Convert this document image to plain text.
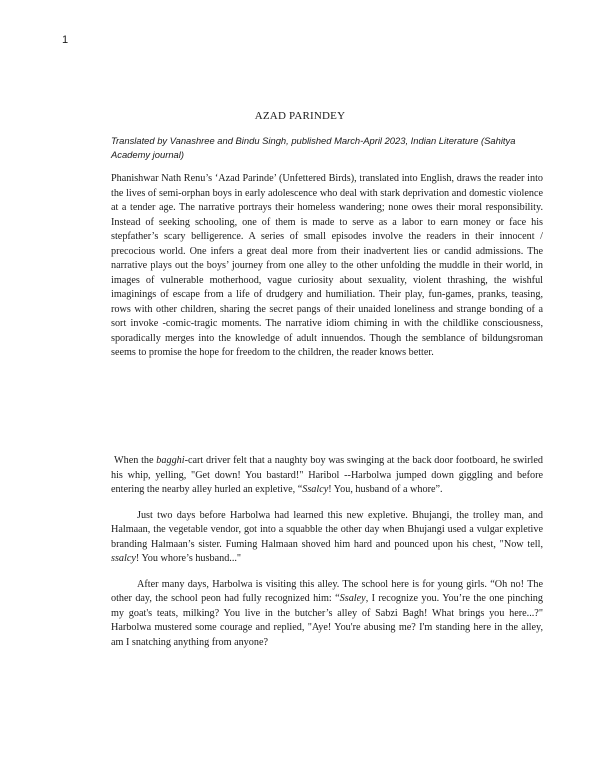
1
AZAD PARINDEY
Translated by Vanashree and Bindu Singh, published March-April 2023, Indian Literature (Sahitya Academy journal)
Phanishwar Nath Renu’s ‘Azad Parinde’ (Unfettered Birds), translated into English, draws the reader into the lives of semi-orphan boys in early adolescence who deal with stark deprivation and domestic violence at a tender age. The narrative portrays their homeless wandering; none owes their moral responsibility. Instead of seeking schooling, one of them is made to serve as a labor to earn money or face his stepfather’s scary belligerence. A series of small episodes involve the readers in their innocent / precocious world. One infers a great deal more from their inadvertent lies or candid admissions. The narrative plays out the boys’ journey from one alley to the other unfolding the muddle in their world, in images of vulnerable motherhood, vague curiosity about sexuality, violent thrashing, the wishful imaginings of escape from a life of drudgery and humiliation. Their play, fun-games, pranks, teasing, rows with other children, sharing the secret pangs of their unaided loneliness and strange bonding of a sort invoke -comic-tragic moments. The narrative idiom chiming in with the childlike consciousness, sporadically merges into the knowledge of adult innuendos. Though the semblance of bildungsroman seems to promise the hope for freedom to the children, the reader knows better.

When the bagghi-cart driver felt that a naughty boy was swinging at the back door footboard, he swirled his whip, yelling, "Get down! You bastard!" Haribol --Harbolwa jumped down giggling and before entering the nearby alley hurled an expletive, “Ssalcy! You, husband of a whore”.

Just two days before Harbolwa had learned this new expletive. Bhujangi, the trolley man, and Halmaan, the vegetable vendor, got into a squabble the other day when Bhujangi used a vulgar expletive branding Halmaan’s sister. Fuming Halmaan shoved him hard and pounced upon his chest, "Now tell, ssalcy! You whore’s husband..."

After many days, Harbolwa is visiting this alley. The school here is for young girls. “Oh no! The other day, the school peon had fully recognized him: “Ssaley, I recognize you. You’re the one pinching my goat's teats, milking? You live in the butcher’s alley of Sabzi Bagh! What brings you here...?" Harbolwa mustered some courage and replied, "Aye! You're abusing me? I'm standing here in the alley, am I snatching anything from anyone?
